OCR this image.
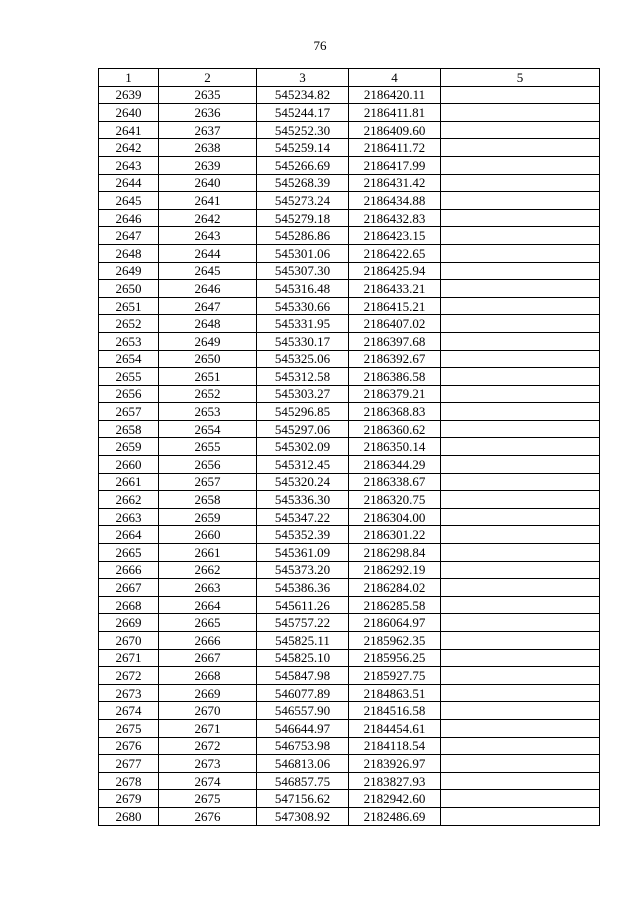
76
1	2	3	4	5
2639	2635	545234.82	2186420.11	
2640	2636	545244.17	2186411.81	
2641	2637	545252.30	2186409.60	
2642	2638	545259.14	2186411.72	
2643	2639	545266.69	2186417.99	
2644	2640	545268.39	2186431.42	
2645	2641	545273.24	2186434.88	
2646	2642	545279.18	2186432.83	
2647	2643	545286.86	2186423.15	
2648	2644	545301.06	2186422.65	
2649	2645	545307.30	2186425.94	
2650	2646	545316.48	2186433.21	
2651	2647	545330.66	2186415.21	
2652	2648	545331.95	2186407.02	
2653	2649	545330.17	2186397.68	
2654	2650	545325.06	2186392.67	
2655	2651	545312.58	2186386.58	
2656	2652	545303.27	2186379.21	
2657	2653	545296.85	2186368.83	
2658	2654	545297.06	2186360.62	
2659	2655	545302.09	2186350.14	
2660	2656	545312.45	2186344.29	
2661	2657	545320.24	2186338.67	
2662	2658	545336.30	2186320.75	
2663	2659	545347.22	2186304.00	
2664	2660	545352.39	2186301.22	
2665	2661	545361.09	2186298.84	
2666	2662	545373.20	2186292.19	
2667	2663	545386.36	2186284.02	
2668	2664	545611.26	2186285.58	
2669	2665	545757.22	2186064.97	
2670	2666	545825.11	2185962.35	
2671	2667	545825.10	2185956.25	
2672	2668	545847.98	2185927.75	
2673	2669	546077.89	2184863.51	
2674	2670	546557.90	2184516.58	
2675	2671	546644.97	2184454.61	
2676	2672	546753.98	2184118.54	
2677	2673	546813.06	2183926.97	
2678	2674	546857.75	2183827.93	
2679	2675	547156.62	2182942.60	
2680	2676	547308.92	2182486.69	
